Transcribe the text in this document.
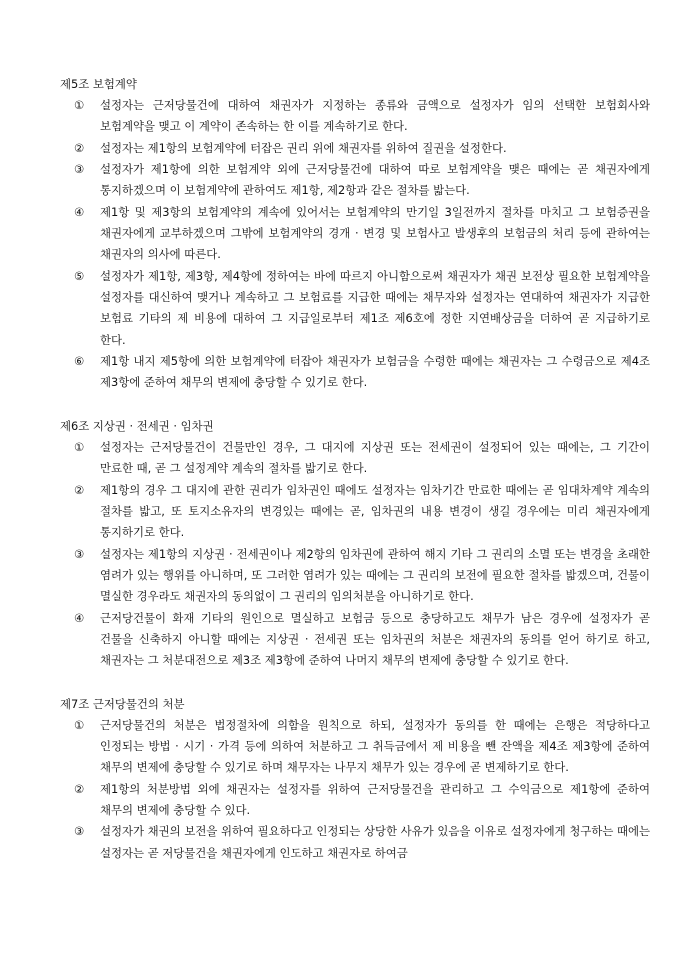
제5조 보험계약
①	설정자는 근저당물건에 대하여 채권자가 지정하는 종류와 금액으로 설정자가 임의 선택한 보험회사와 보험계약을 맺고 이 계약이 존속하는 한 이를 계속하기로 한다.
②	설정자는 제1항의 보험계약에 터잡은 권리 위에 채권자를 위하여 질권을 설정한다.
③	설정자가 제1항에 의한 보험계약 외에 근저당물건에 대하여 따로 보험계약을 맺은 때에는 곧 채권자에게 통지하겠으며 이 보험계약에 관하여도 제1항, 제2항과 같은 절차를 밟는다.
④	제1항 및 제3항의 보험계약의 계속에 있어서는 보험계약의 만기일 3일전까지 절차를 마치고 그 보험증권을 채권자에게 교부하겠으며 그밖에 보험계약의 경개 · 변경 및 보험사고 발생후의 보험금의 처리 등에 관하여는 채권자의 의사에 따른다.
⑤	설정자가 제1항, 제3항, 제4항에 정하여는 바에 따르지 아니함으로써 채권자가 채권 보전상 필요한 보험계약을 설정자를 대신하여 맺거나 계속하고 그 보험료를 지급한 때에는 채무자와 설정자는 연대하여 채권자가 지급한 보험료 기타의 제 비용에 대하여 그 지급일로부터 제1조 제6호에 정한 지연배상금을 더하여 곧 지급하기로 한다.
⑥	제1항 내지 제5항에 의한 보험계약에 터잡아 채권자가 보험금을 수령한 때에는 채권자는 그 수령금으로 제4조 제3항에 준하여 채무의 변제에 충당할 수 있기로 한다.
제6조 지상권 · 전세권 · 임차권
①	설정자는 근저당물건이 건물만인 경우, 그 대지에 지상권 또는 전세권이 설정되어 있는 때에는, 그 기간이 만료한 때, 곧 그 설정계약 계속의 절차를 밟기로 한다.
②	제1항의 경우 그 대지에 관한 권리가 임차권인 때에도 설정자는 임차기간 만료한 때에는 곧 임대차계약 계속의 절차를 밟고, 또 토지소유자의 변경있는 때에는 곧, 임차권의 내용 변경이 생길 경우에는 미리 채권자에게 통지하기로 한다.
③	설정자는 제1항의 지상권 · 전세권이나 제2항의 임차권에 관하여 해지 기타 그 권리의 소멸 또는 변경을 초래한 염려가 있는 행위를 아니하며, 또 그러한 염려가 있는 때에는 그 권리의 보전에 필요한 절차를 밟겠으며, 건물이 멸실한 경우라도 채권자의 동의없이 그 권리의 임의처분을 아니하기로 한다.
④	근저당건물이 화재 기타의 원인으로 멸실하고 보험금 등으로 충당하고도 채무가 남은 경우에 설정자가 곧 건물을 신축하지 아니할 때에는 지상권 · 전세권 또는 임차권의 처분은 채권자의 동의를 얻어 하기로 하고, 채권자는 그 처분대전으로 제3조 제3항에 준하여 나머지 채무의 변제에 충당할 수 있기로 한다.
제7조 근저당물건의 처분
①	근저당물건의 처분은 법정절차에 의함을 원칙으로 하되, 설정자가 동의를 한 때에는 은행은 적당하다고 인정되는 방법 · 시기 · 가격 등에 의하여 처분하고 그 취득금에서 제 비용을 뺀 잔액을 제4조 제3항에 준하여 채무의 변제에 충당할 수 있기로 하며 채무자는 나무지 채무가 있는 경우에 곧 변제하기로 한다.
②	제1항의 처분방법 외에 채권자는 설정자를 위하여 근저당물건을 관리하고 그 수익금으로 제1항에 준하여 채무의 변제에 충당할 수 있다.
③	설정자가 채권의 보전을 위하여 필요하다고 인정되는 상당한 사유가 있음을 이유로 설정자에게 청구하는 때에는 설정자는 곧 저당물건을 채권자에게 인도하고 채권자로 하여금
